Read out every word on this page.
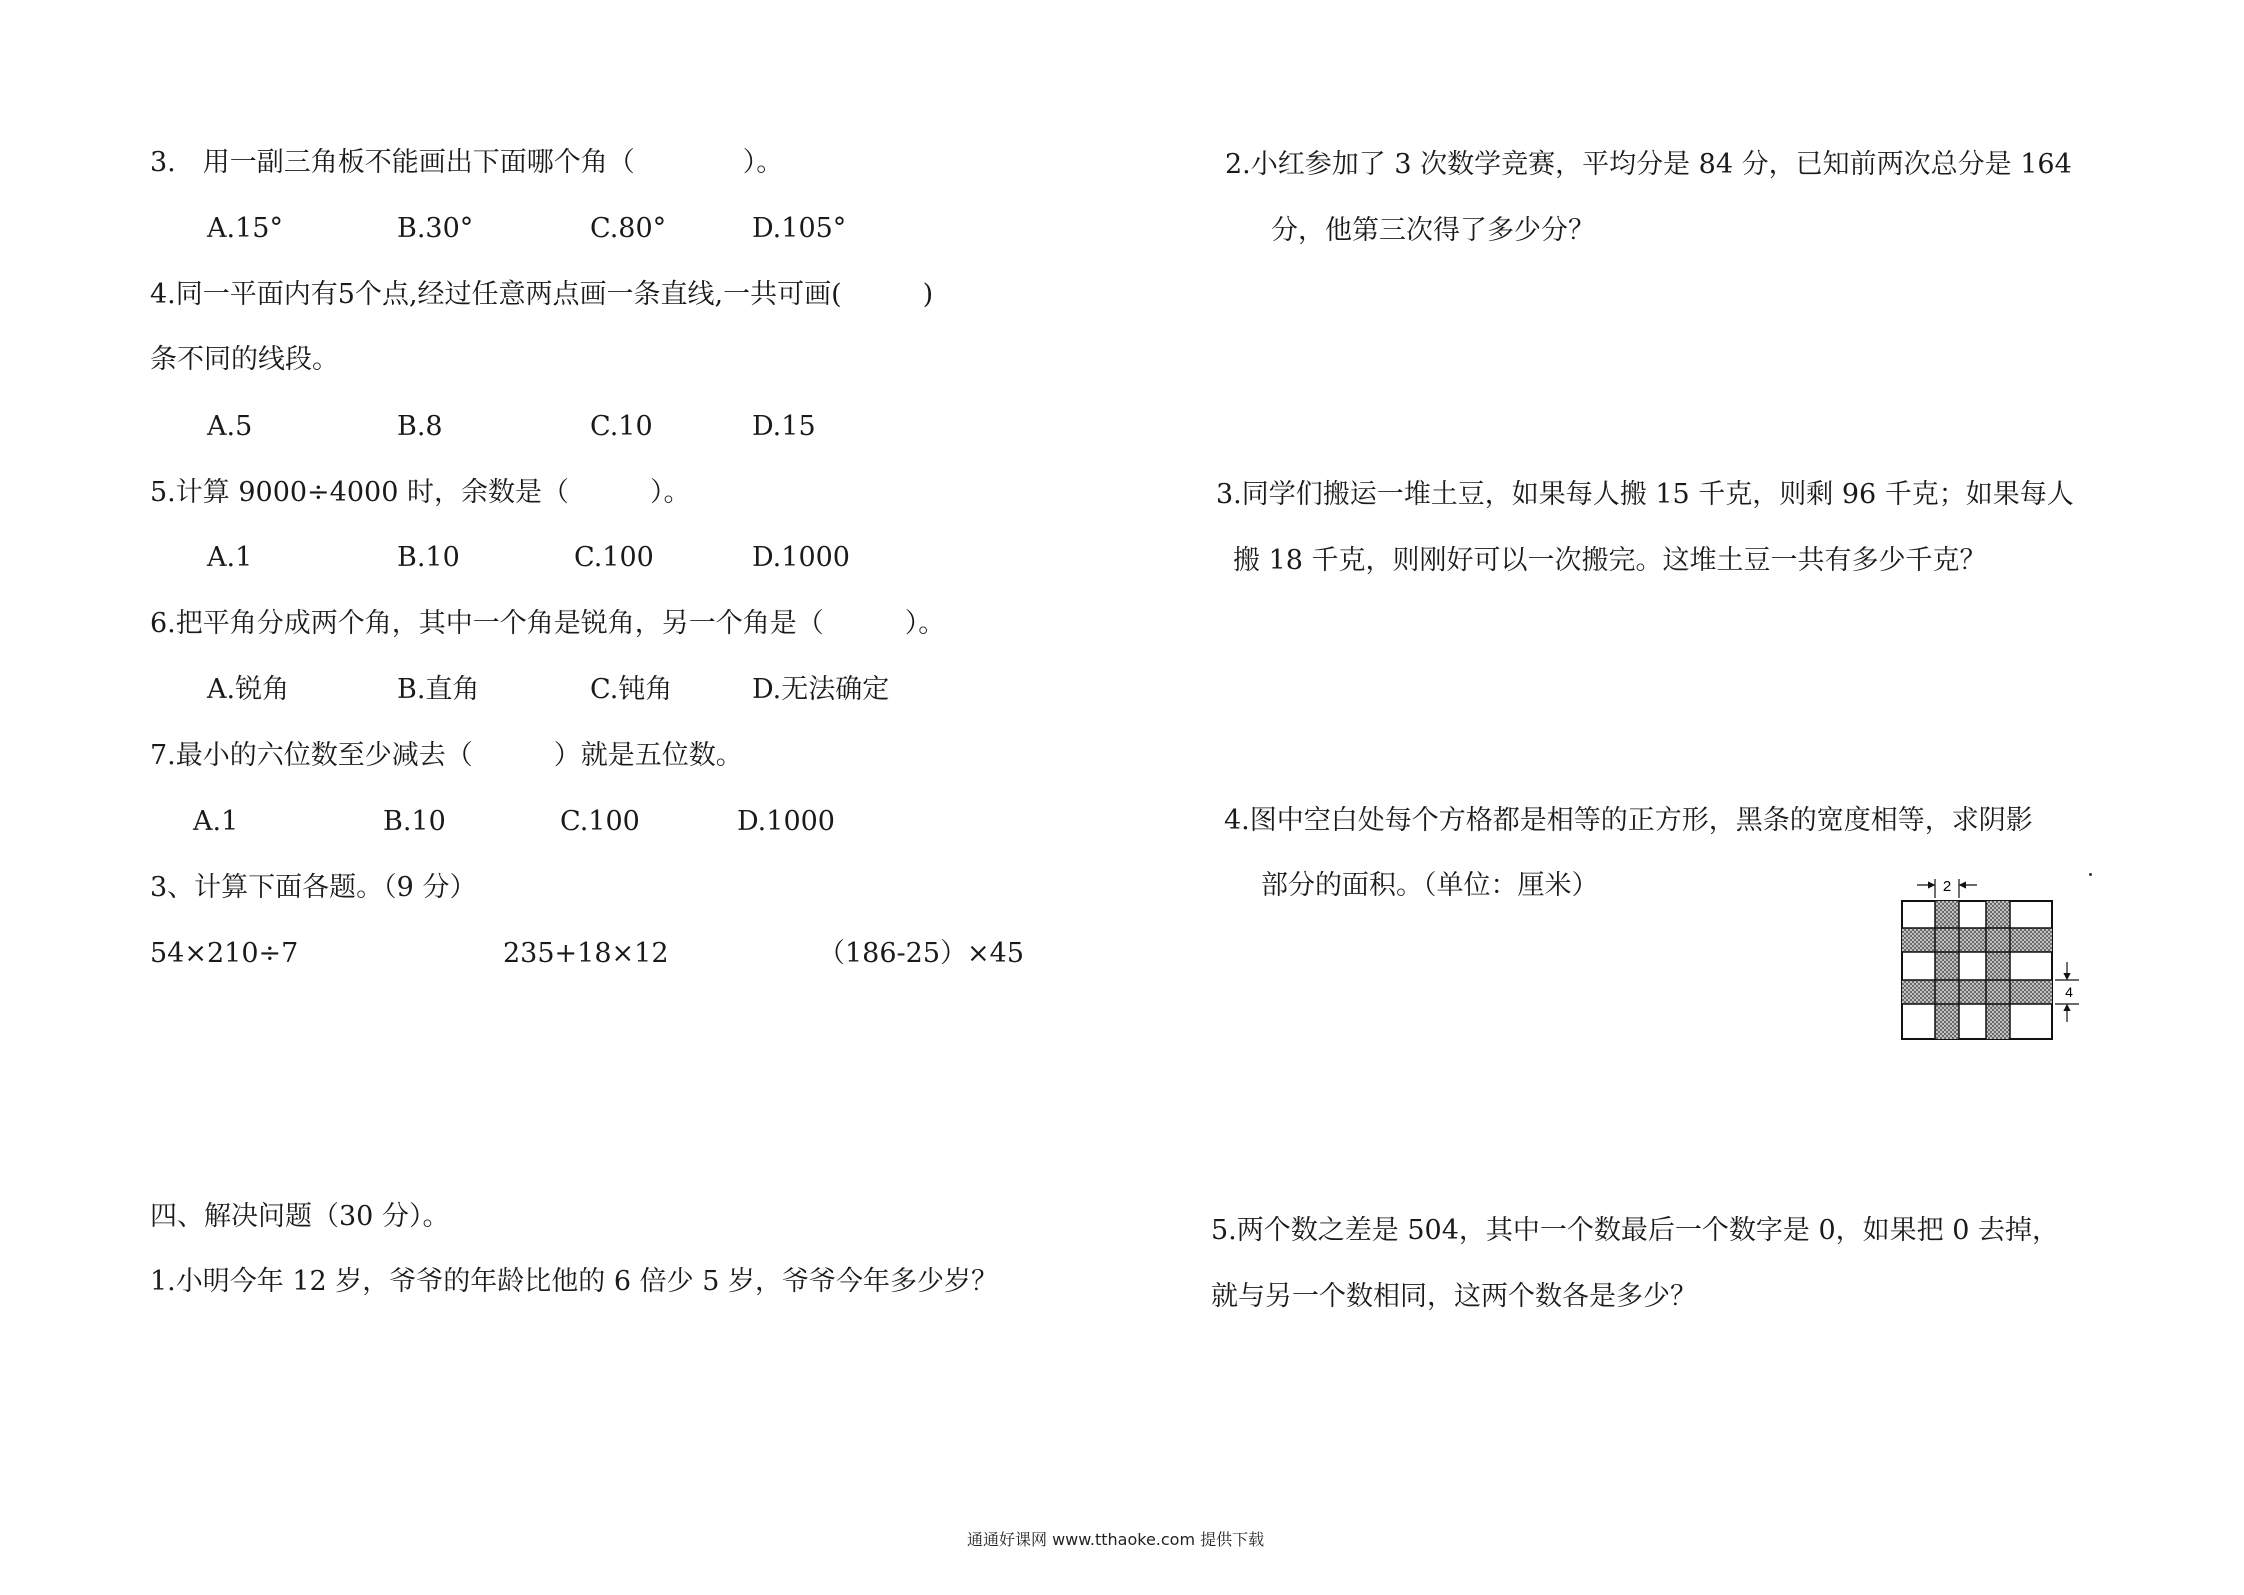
3.　用一副三角板不能画出下面哪个角（　　　　）。
A.15°	B.30°	C.80°	D.105°
4.同一平面内有5个点,经过任意两点画一条直线,一共可画(　　　)
条不同的线段。
A.5	B.8	C.10	D.15
5.计算 9000÷4000 时，余数是（　　　）。
A.1	B.10	C.100	D.1000
6.把平角分成两个角，其中一个角是锐角，另一个角是（　　　）。
A.锐角	B.直角	C.钝角	D.无法确定
7.最小的六位数至少减去（　　　）就是五位数。
A.1	B.10	C.100	D.1000
3、计算下面各题。（9 分）
54×210÷7	235+18×12	（186-25）×45
四、解决问题（30 分）。
1.小明今年 12 岁，爷爷的年龄比他的 6 倍少 5 岁，爷爷今年多少岁？
2.小红参加了 3 次数学竞赛，平均分是 84 分，已知前两次总分是 164
分，他第三次得了多少分？
3.同学们搬运一堆土豆，如果每人搬 15 千克，则剩 96 千克；如果每人
搬 18 千克，则刚好可以一次搬完。这堆土豆一共有多少千克？
4.图中空白处每个方格都是相等的正方形，黑条的宽度相等，求阴影
部分的面积。（单位：厘米）
5.两个数之差是 504，其中一个数最后一个数字是 0，如果把 0 去掉，
就与另一个数相同，这两个数各是多少？
2
4
通通好课网 www.tthaoke.com 提供下载
